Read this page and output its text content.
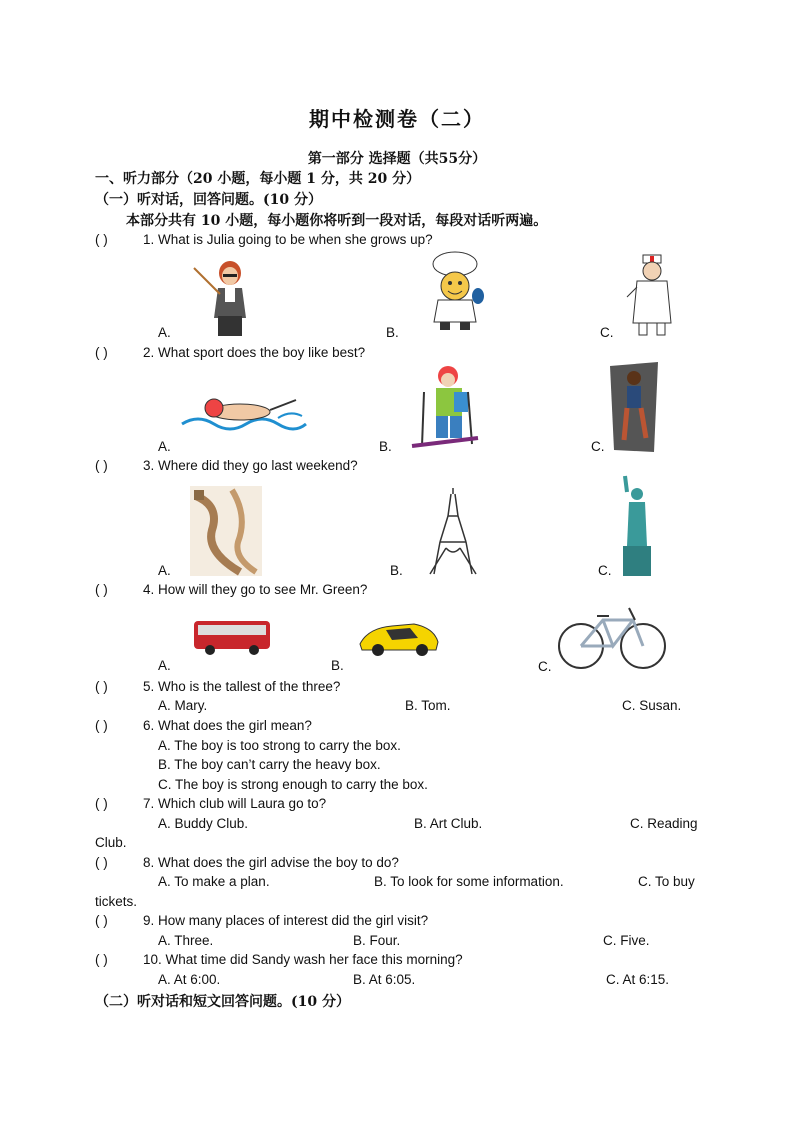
期中检测卷（二）
第一部分 选择题（共55分）
一、听力部分（20 小题，每小题 1 分，共 20 分）
（一）听对话，回答问题。(10 分）
本部分共有 10 小题，每小题你将听到一段对话，每段对话听两遍。
( )	1. What is Julia going to be when she grows up?
A.	B.	C.
( )	2. What sport does the boy like best?
A.	B.	C.
( )	3. Where did they go last weekend?
A.	B.	C.
( )	4. How will they go to see Mr. Green?
A.	B.	C.
( )	5. Who is the tallest of the three?
A. Mary.	B. Tom.	C. Susan.
( )	6. What does the girl mean?
A. The boy is too strong to carry the box.
B. The boy can’t carry the heavy box.
C. The boy is strong enough to carry the box.
( )	7. Which club will Laura go to?
A. Buddy Club.	B. Art Club.	C. Reading
Club.
( )	8. What does the girl advise the boy to do?
A. To make a plan.	B. To look for some information.	C. To buy
tickets.
( )	9. How many places of interest did the girl visit?
A. Three.	B. Four.	C. Five.
( )	10. What time did Sandy wash her face this morning?
A. At 6:00.	B. At 6:05.	C. At 6:15.
（二）听对话和短文回答问题。(10 分）
